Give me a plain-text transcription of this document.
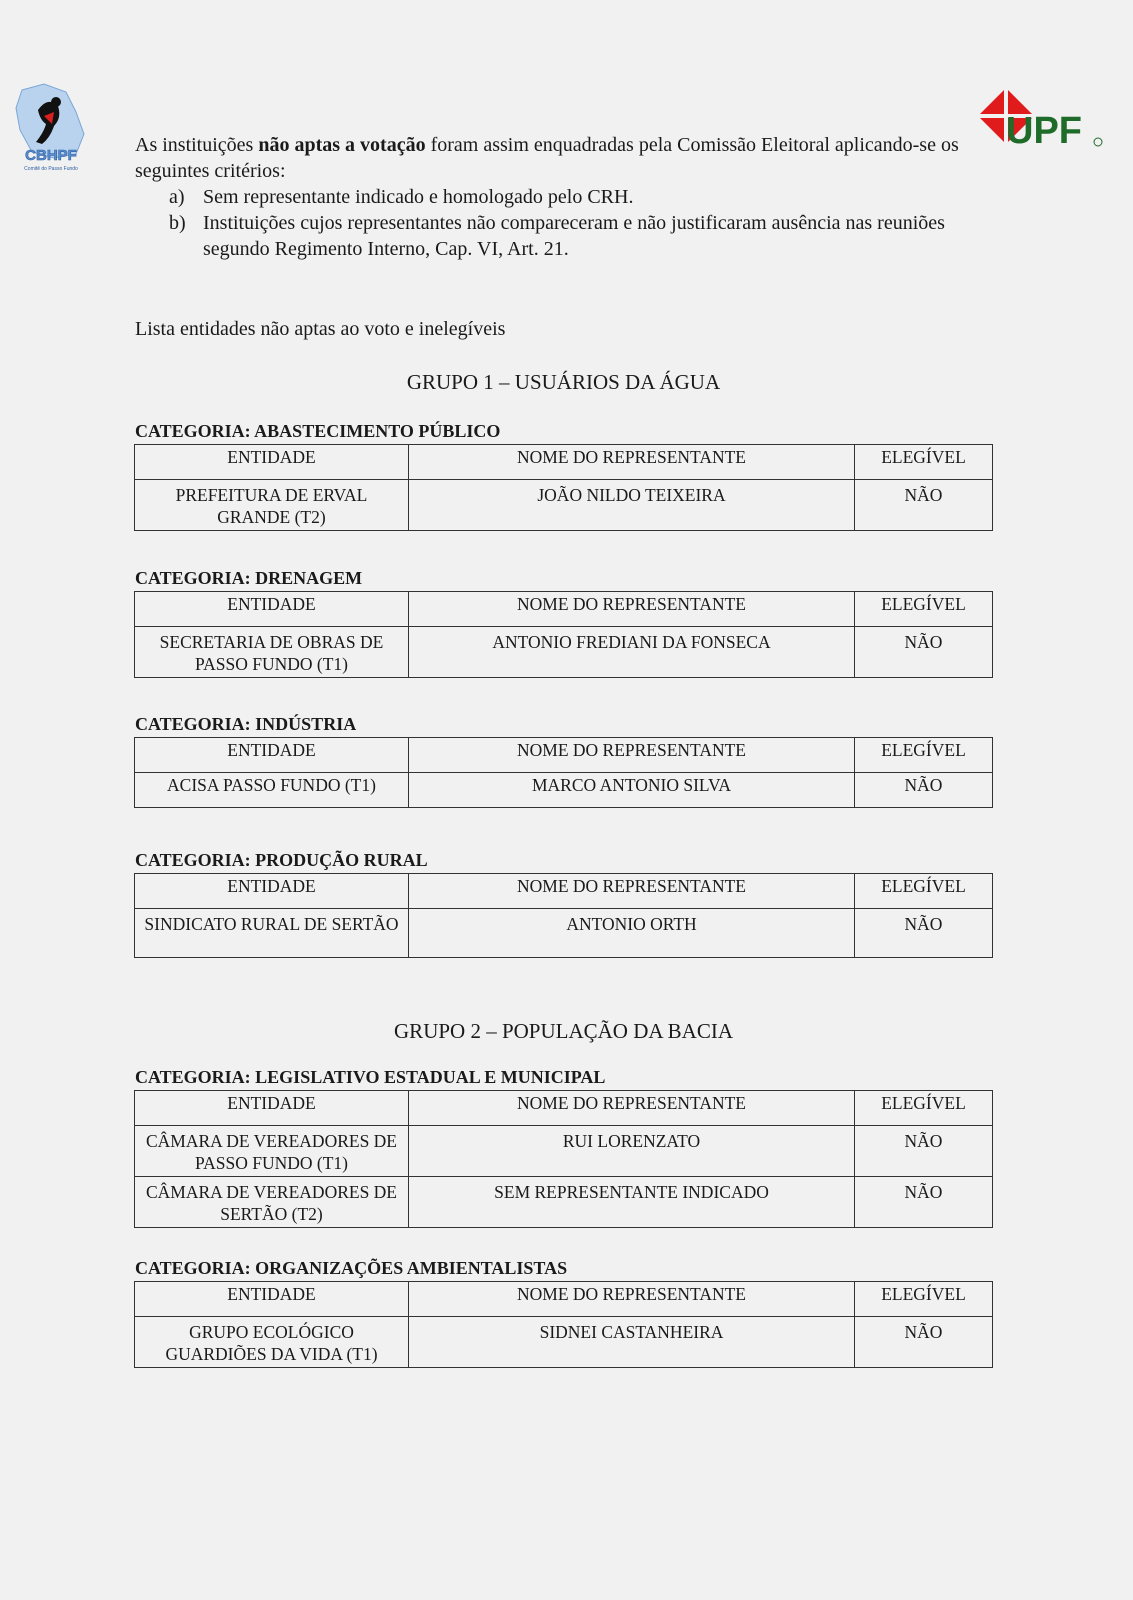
CBHPF
Comitê do Passo Fundo
UPF

As instituições não aptas a votação foram assim enquadradas pela Comissão Eleitoral aplicando-se os seguintes critérios:

a) Sem representante indicado e homologado pelo CRH.
b) Instituições cujos representantes não compareceram e não justificaram ausência nas reuniões segundo Regimento Interno, Cap. VI, Art. 21.
Lista entidades não aptas ao voto e inelegíveis
GRUPO 1 – USUÁRIOS DA ÁGUA
CATEGORIA: ABASTECIMENTO PÚBLICO
ENTIDADE	NOME DO REPRESENTANTE	ELEGÍVEL
PREFEITURA DE ERVAL GRANDE (T2)	JOÃO NILDO TEIXEIRA	NÃO
CATEGORIA: DRENAGEM
ENTIDADE	NOME DO REPRESENTANTE	ELEGÍVEL
SECRETARIA DE OBRAS DE PASSO FUNDO (T1)	ANTONIO FREDIANI DA FONSECA	NÃO
CATEGORIA: INDÚSTRIA
ENTIDADE	NOME DO REPRESENTANTE	ELEGÍVEL
ACISA PASSO FUNDO (T1)	MARCO ANTONIO SILVA	NÃO
CATEGORIA: PRODUÇÃO RURAL
ENTIDADE	NOME DO REPRESENTANTE	ELEGÍVEL
SINDICATO RURAL DE SERTÃO	ANTONIO ORTH	NÃO
GRUPO 2 – POPULAÇÃO DA BACIA
CATEGORIA: LEGISLATIVO ESTADUAL E MUNICIPAL
ENTIDADE	NOME DO REPRESENTANTE	ELEGÍVEL
CÂMARA DE VEREADORES DE PASSO FUNDO (T1)	RUI LORENZATO	NÃO
CÂMARA DE VEREADORES DE SERTÃO (T2)	SEM REPRESENTANTE INDICADO	NÃO
CATEGORIA: ORGANIZAÇÕES AMBIENTALISTAS
ENTIDADE	NOME DO REPRESENTANTE	ELEGÍVEL
GRUPO ECOLÓGICO GUARDIÕES DA VIDA (T1)	SIDNEI CASTANHEIRA	NÃO
